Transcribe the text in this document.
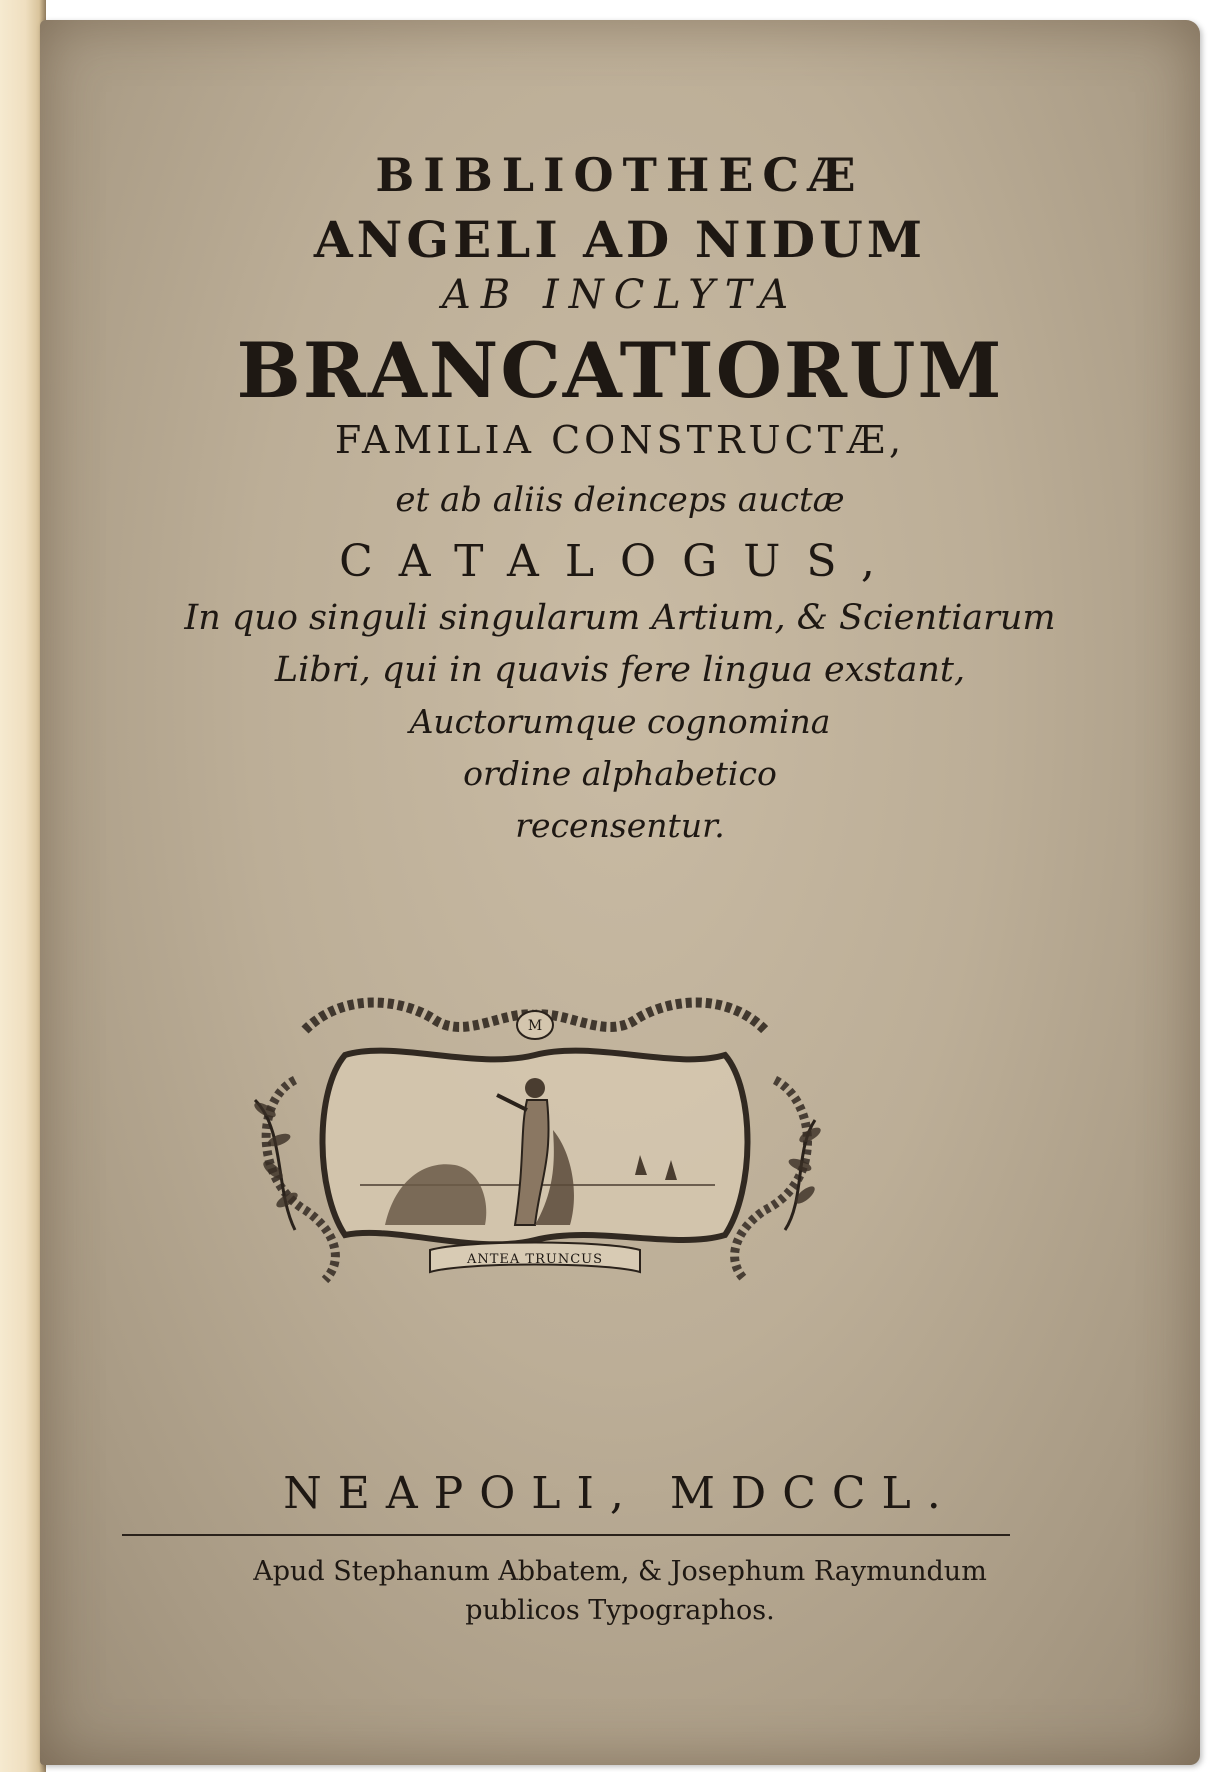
BIBLIOTHECÆ
ANGELI AD NIDUM
AB INCLYTA
BRANCATIORUM
FAMILIA CONSTRUCTÆ,
et ab aliis deinceps auctæ
CATALOGUS,
In quo singuli singularum Artium, & Scientiarum
Libri, qui in quavis fere lingua exstant,
Auctorumque cognomina
ordine alphabetico
recensentur.
M
ANTEA TRUNCUS
NEAPOLI, MDCCL.
Apud Stephanum Abbatem, & Josephum Raymundum
publicos Typographos.
